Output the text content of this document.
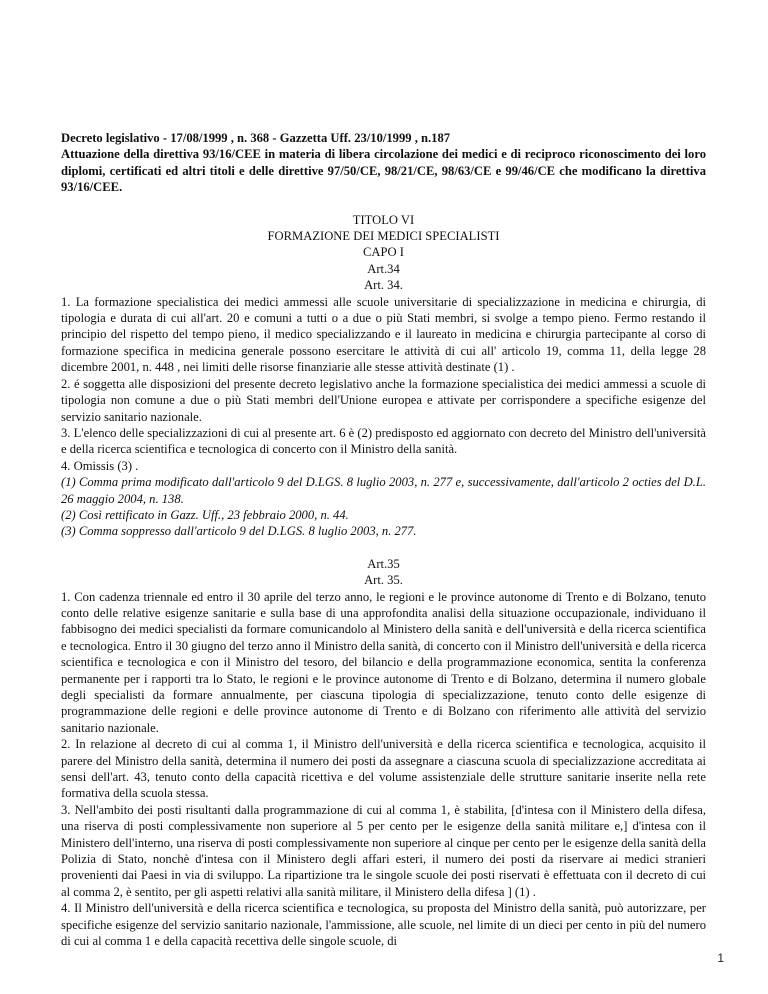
Decreto legislativo - 17/08/1999 , n. 368 - Gazzetta Uff. 23/10/1999 , n.187

Attuazione della direttiva 93/16/CEE in materia di libera circolazione dei medici e di reciproco riconoscimento dei loro diplomi, certificati ed altri titoli e delle direttive 97/50/CE, 98/21/CE, 98/63/CE e 99/46/CE che modificano la direttiva 93/16/CEE.

TITOLO VI

FORMAZIONE DEI MEDICI SPECIALISTI

CAPO I

Art.34

Art. 34.

1. La formazione specialistica dei medici ammessi alle scuole universitarie di specializzazione in medicina e chirurgia, di tipologia e durata di cui all'art. 20 e comuni a tutti o a due o più Stati membri, si svolge a tempo pieno. Fermo restando il principio del rispetto del tempo pieno, il medico specializzando e il laureato in medicina e chirurgia partecipante al corso di formazione specifica in medicina generale possono esercitare le attività di cui all' articolo 19, comma 11, della legge 28 dicembre 2001, n. 448 , nei limiti delle risorse finanziarie alle stesse attività destinate (1) .

2. é soggetta alle disposizioni del presente decreto legislativo anche la formazione specialistica dei medici ammessi a scuole di tipologia non comune a due o più Stati membri dell'Unione europea e attivate per corrispondere a specifiche esigenze del servizio sanitario nazionale.

3. L'elenco delle specializzazioni di cui al presente art. 6 è (2) predisposto ed aggiornato con decreto del Ministro dell'università e della ricerca scientifica e tecnologica di concerto con il Ministro della sanità.

4. Omissis (3) .

(1) Comma prima modificato dall'articolo 9 del D.LGS. 8 luglio 2003, n. 277 e, successivamente, dall'articolo 2 octies del D.L. 26 maggio 2004, n. 138.

(2) Così rettificato in Gazz. Uff., 23 febbraio 2000, n. 44.

(3) Comma soppresso dall'articolo 9 del D.LGS. 8 luglio 2003, n. 277.

Art.35

Art. 35.

1. Con cadenza triennale ed entro il 30 aprile del terzo anno, le regioni e le province autonome di Trento e di Bolzano, tenuto conto delle relative esigenze sanitarie e sulla base di una approfondita analisi della situazione occupazionale, individuano il fabbisogno dei medici specialisti da formare comunicandolo al Ministero della sanità e dell'università e della ricerca scientifica e tecnologica. Entro il 30 giugno del terzo anno il Ministro della sanità, di concerto con il Ministro dell'università e della ricerca scientifica e tecnologica e con il Ministro del tesoro, del bilancio e della programmazione economica, sentita la conferenza permanente per i rapporti tra lo Stato, le regioni e le province autonome di Trento e di Bolzano, determina il numero globale degli specialisti da formare annualmente, per ciascuna tipologia di specializzazione, tenuto conto delle esigenze di programmazione delle regioni e delle province autonome di Trento e di Bolzano con riferimento alle attività del servizio sanitario nazionale.

2. In relazione al decreto di cui al comma 1, il Ministro dell'università e della ricerca scientifica e tecnologica, acquisito il parere del Ministro della sanità, determina il numero dei posti da assegnare a ciascuna scuola di specializzazione accreditata ai sensi dell'art. 43, tenuto conto della capacità ricettiva e del volume assistenziale delle strutture sanitarie inserite nella rete formativa della scuola stessa.

3. Nell'ambito dei posti risultanti dalla programmazione di cui al comma 1, è stabilita, [d'intesa con il Ministero della difesa, una riserva di posti complessivamente non superiore al 5 per cento per le esigenze della sanità militare e,] d'intesa con il Ministero dell'interno, una riserva di posti complessivamente non superiore al cinque per cento per le esigenze della sanità della Polizia di Stato, nonchè d'intesa con il Ministero degli affari esteri, il numero dei posti da riservare ai medici stranieri provenienti dai Paesi in via di sviluppo. La ripartizione tra le singole scuole dei posti riservati è effettuata con il decreto di cui al comma 2, è sentito, per gli aspetti relativi alla sanità militare, il Ministero della difesa ] (1) .

4. Il Ministro dell'università e della ricerca scientifica e tecnologica, su proposta del Ministro della sanità, può autorizzare, per specifiche esigenze del servizio sanitario nazionale, l'ammissione, alle scuole, nel limite di un dieci per cento in più del numero di cui al comma 1 e della capacità recettiva delle singole scuole, di

1
